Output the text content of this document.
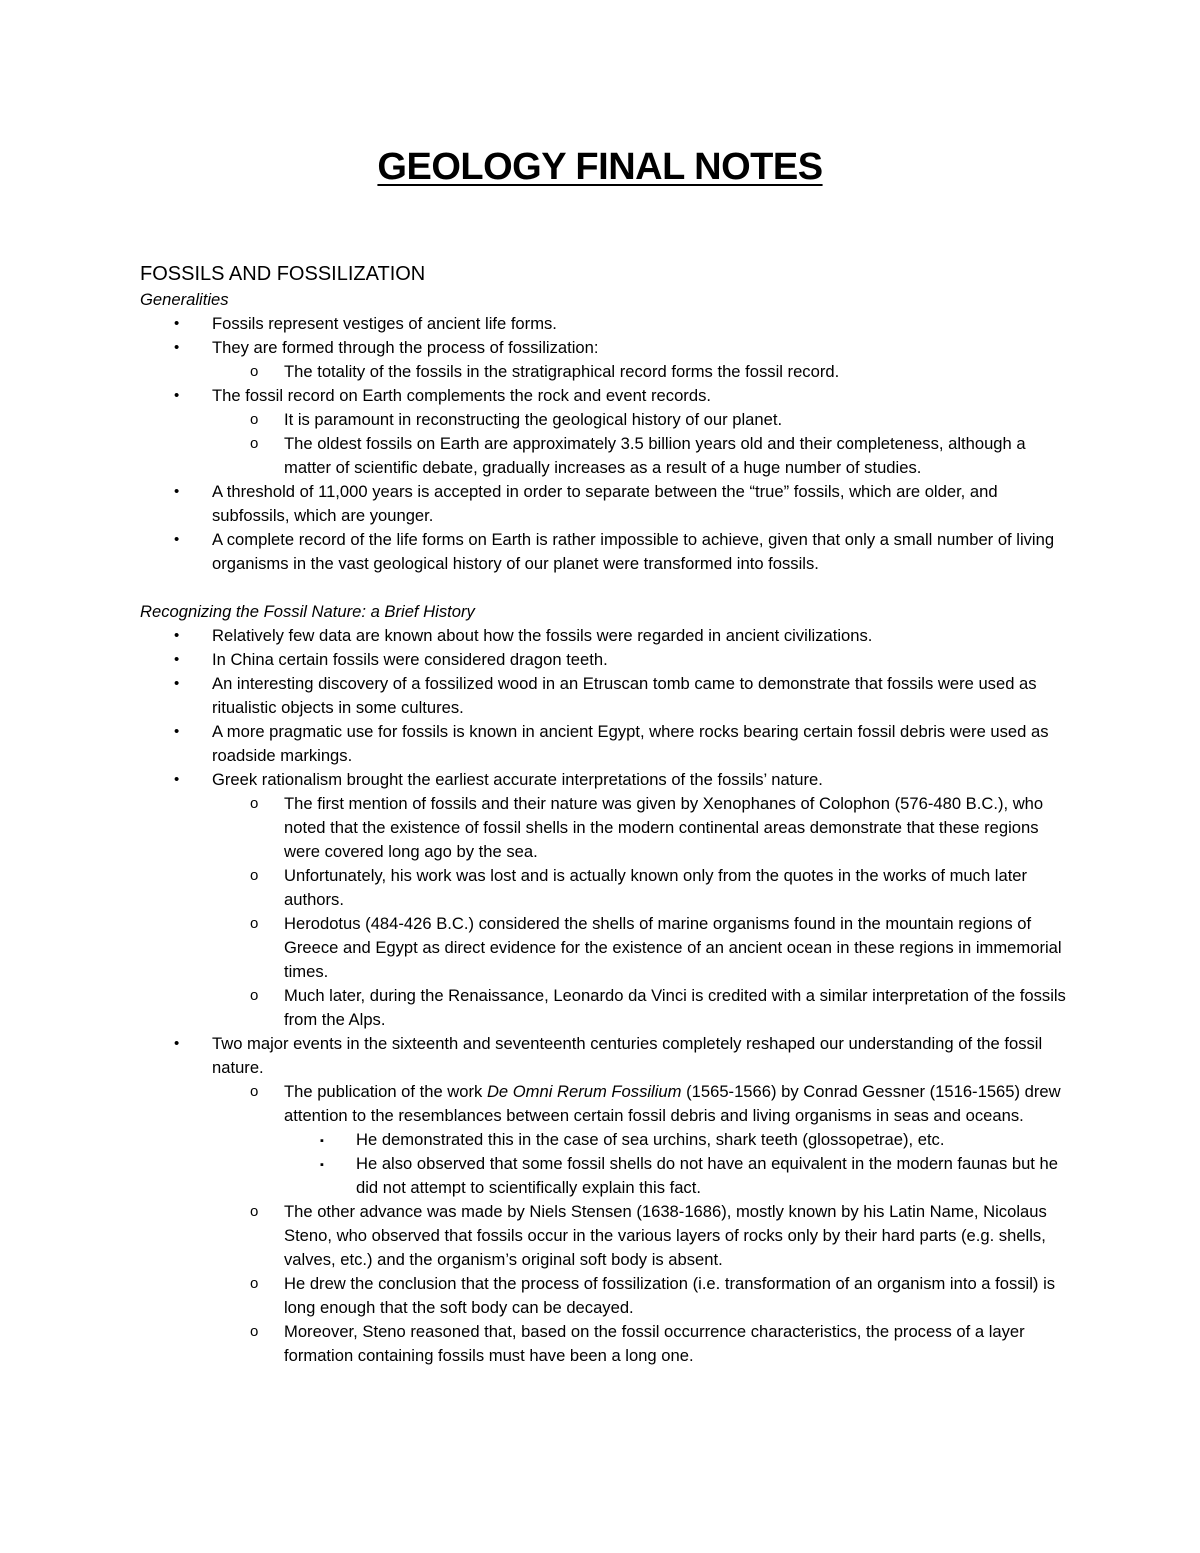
GEOLOGY FINAL NOTES
FOSSILS AND FOSSILIZATION

Generalities

• Fossils represent vestiges of ancient life forms.
• They are formed through the process of fossilization:
o The totality of the fossils in the stratigraphical record forms the fossil record.
• The fossil record on Earth complements the rock and event records.
o It is paramount in reconstructing the geological history of our planet.
o The oldest fossils on Earth are approximately 3.5 billion years old and their completeness, although a matter of scientific debate, gradually increases as a result of a huge number of studies.
• A threshold of 11,000 years is accepted in order to separate between the “true” fossils, which are older, and subfossils, which are younger.
• A complete record of the life forms on Earth is rather impossible to achieve, given that only a small number of living organisms in the vast geological history of our planet were transformed into fossils.

Recognizing the Fossil Nature: a Brief History

• Relatively few data are known about how the fossils were regarded in ancient civilizations.
• In China certain fossils were considered dragon teeth.
• An interesting discovery of a fossilized wood in an Etruscan tomb came to demonstrate that fossils were used as ritualistic objects in some cultures.
• A more pragmatic use for fossils is known in ancient Egypt, where rocks bearing certain fossil debris were used as roadside markings.
• Greek rationalism brought the earliest accurate interpretations of the fossils’ nature.
o The first mention of fossils and their nature was given by Xenophanes of Colophon (576-480 B.C.), who noted that the existence of fossil shells in the modern continental areas demonstrate that these regions were covered long ago by the sea.
o Unfortunately, his work was lost and is actually known only from the quotes in the works of much later authors.
o Herodotus (484-426 B.C.) considered the shells of marine organisms found in the mountain regions of Greece and Egypt as direct evidence for the existence of an ancient ocean in these regions in immemorial times.
o Much later, during the Renaissance, Leonardo da Vinci is credited with a similar interpretation of the fossils from the Alps.
• Two major events in the sixteenth and seventeenth centuries completely reshaped our understanding of the fossil nature.
o The publication of the work De Omni Rerum Fossilium (1565-1566) by Conrad Gessner (1516-1565) drew attention to the resemblances between certain fossil debris and living organisms in seas and oceans.
▪ He demonstrated this in the case of sea urchins, shark teeth (glossopetrae), etc.
▪ He also observed that some fossil shells do not have an equivalent in the modern faunas but he did not attempt to scientifically explain this fact.
o The other advance was made by Niels Stensen (1638-1686), mostly known by his Latin Name, Nicolaus Steno, who observed that fossils occur in the various layers of rocks only by their hard parts (e.g. shells, valves, etc.) and the organism’s original soft body is absent.
o He drew the conclusion that the process of fossilization (i.e. transformation of an organism into a fossil) is long enough that the soft body can be decayed.
o Moreover, Steno reasoned that, based on the fossil occurrence characteristics, the process of a layer formation containing fossils must have been a long one.
